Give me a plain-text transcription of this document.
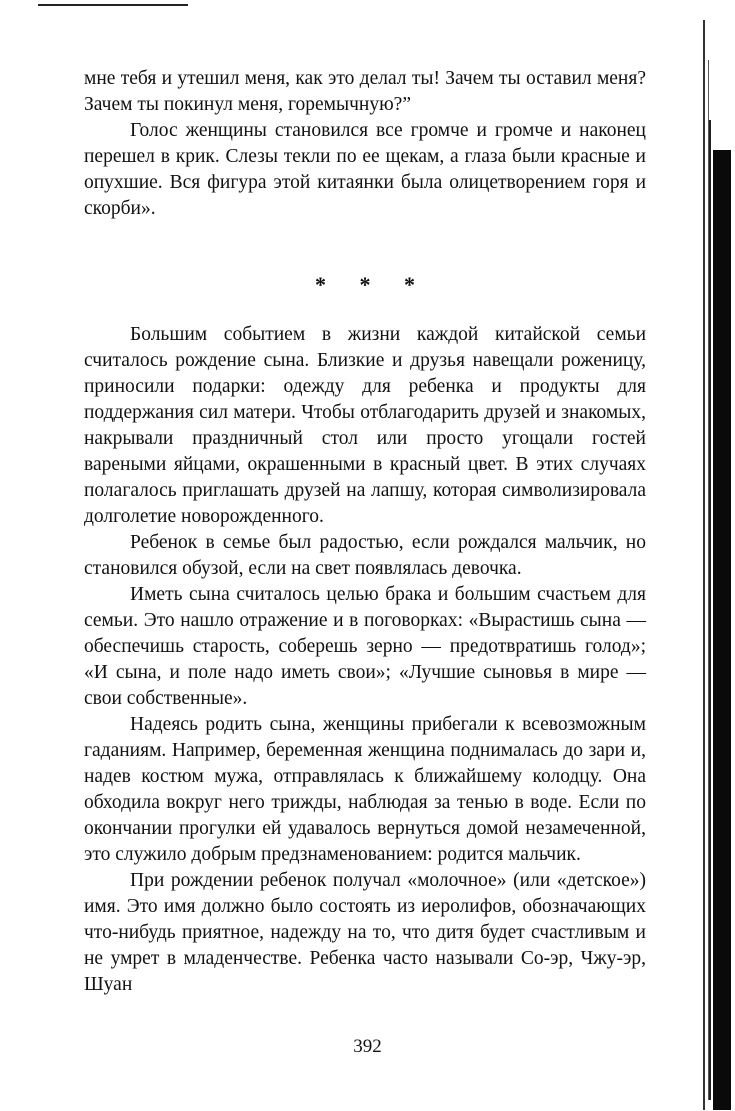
мне тебя и утешил меня, как это делал ты! Зачем ты оставил меня? Зачем ты покинул меня, горемычную?”

Голос женщины становился все громче и громче и наконец перешел в крик. Слезы текли по ее щекам, а глаза были красные и опухшие. Вся фигура этой китаянки была олицетворением горя и скорби».

* * *

Большим событием в жизни каждой китайской семьи считалось рождение сына. Близкие и друзья навещали роженицу, приносили подарки: одежду для ребенка и продукты для поддержания сил матери. Чтобы отблагодарить друзей и знакомых, накрывали праздничный стол или просто угощали гостей вареными яйцами, окрашенными в красный цвет. В этих случаях полагалось приглашать друзей на лапшу, которая символизировала долголетие новорожденного.

Ребенок в семье был радостью, если рождался мальчик, но становился обузой, если на свет появлялась девочка.

Иметь сына считалось целью брака и большим счастьем для семьи. Это нашло отражение и в поговорках: «Вырастишь сына — обеспечишь старость, соберешь зерно — предотвратишь голод»; «И сына, и поле надо иметь свои»; «Лучшие сыновья в мире — свои собственные».

Надеясь родить сына, женщины прибегали к всевозможным гаданиям. Например, беременная женщина поднималась до зари и, надев костюм мужа, отправлялась к ближайшему колодцу. Она обходила вокруг него трижды, наблюдая за тенью в воде. Если по окончании прогулки ей удавалось вернуться домой незамеченной, это служило добрым предзнаменованием: родится мальчик.

При рождении ребенок получал «молочное» (или «детское») имя. Это имя должно было состоять из иеролифов, обозначающих что-нибудь приятное, надежду на то, что дитя будет счастливым и не умрет в младенчестве. Ребенка часто называли Со-эр, Чжу-эр, Шуан

392
